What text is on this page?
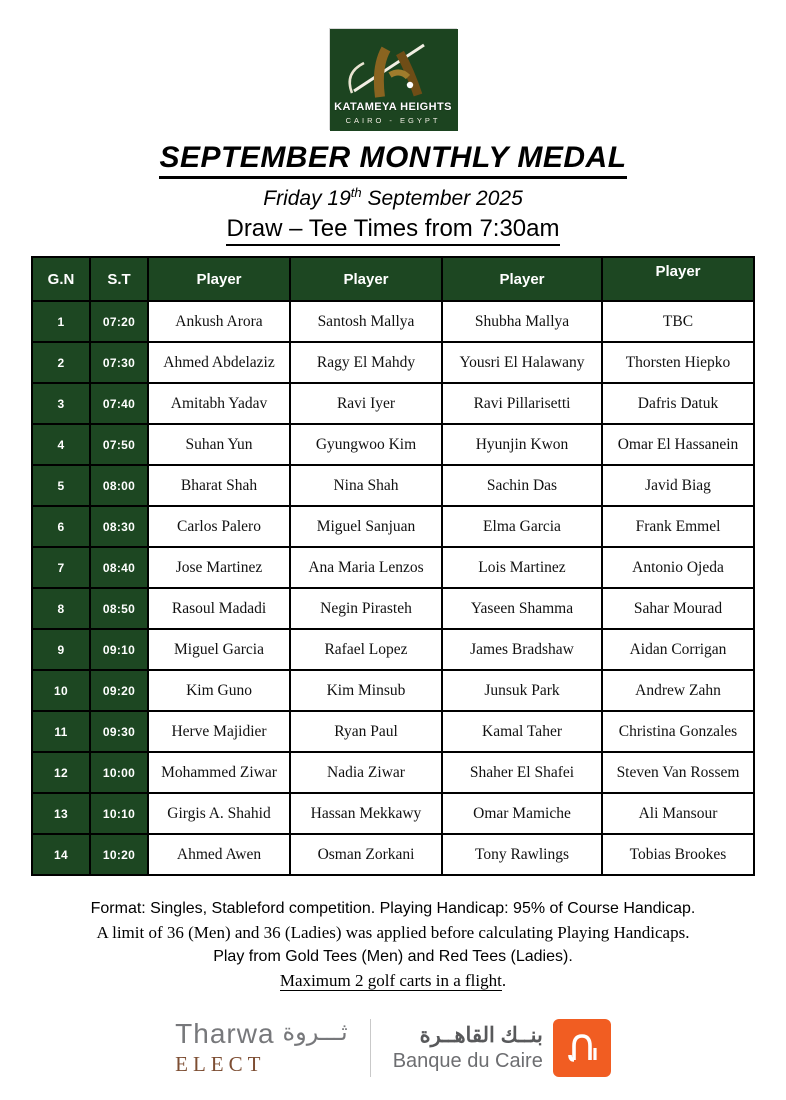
KATAMEYA HEIGHTS
CAIRO - EGYPT
SEPTEMBER MONTHLY MEDAL
Friday 19th September 2025
Draw – Tee Times from 7:30am
G.N	S.T	Player	Player	Player	Player
1	07:20	Ankush Arora	Santosh Mallya	Shubha Mallya	TBC
2	07:30	Ahmed Abdelaziz	Ragy El Mahdy	Yousri El Halawany	Thorsten Hiepko
3	07:40	Amitabh Yadav	Ravi Iyer	Ravi Pillarisetti	Dafris Datuk
4	07:50	Suhan Yun	Gyungwoo Kim	Hyunjin Kwon	Omar El Hassanein
5	08:00	Bharat Shah	Nina Shah	Sachin Das	Javid Biag
6	08:30	Carlos Palero	Miguel Sanjuan	Elma Garcia	Frank Emmel
7	08:40	Jose Martinez	Ana Maria Lenzos	Lois Martinez	Antonio Ojeda
8	08:50	Rasoul Madadi	Negin Pirasteh	Yaseen Shamma	Sahar Mourad
9	09:10	Miguel Garcia	Rafael Lopez	James Bradshaw	Aidan Corrigan
10	09:20	Kim Guno	Kim Minsub	Junsuk Park	Andrew Zahn
11	09:30	Herve Majidier	Ryan Paul	Kamal Taher	Christina Gonzales
12	10:00	Mohammed Ziwar	Nadia Ziwar	Shaher El Shafei	Steven Van Rossem
13	10:10	Girgis A. Shahid	Hassan Mekkawy	Omar Mamiche	Ali Mansour
14	10:20	Ahmed Awen	Osman Zorkani	Tony Rawlings	Tobias Brookes
Format: Singles, Stableford competition. Playing Handicap: 95% of Course Handicap.
A limit of 36 (Men) and 36 (Ladies) was applied before calculating Playing Handicaps.
Play from Gold Tees (Men) and Red Tees (Ladies).
Maximum 2 golf carts in a flight.
Tharwa ثـــروة
ELECT
بنــك القاهــرة
Banque du Caire
